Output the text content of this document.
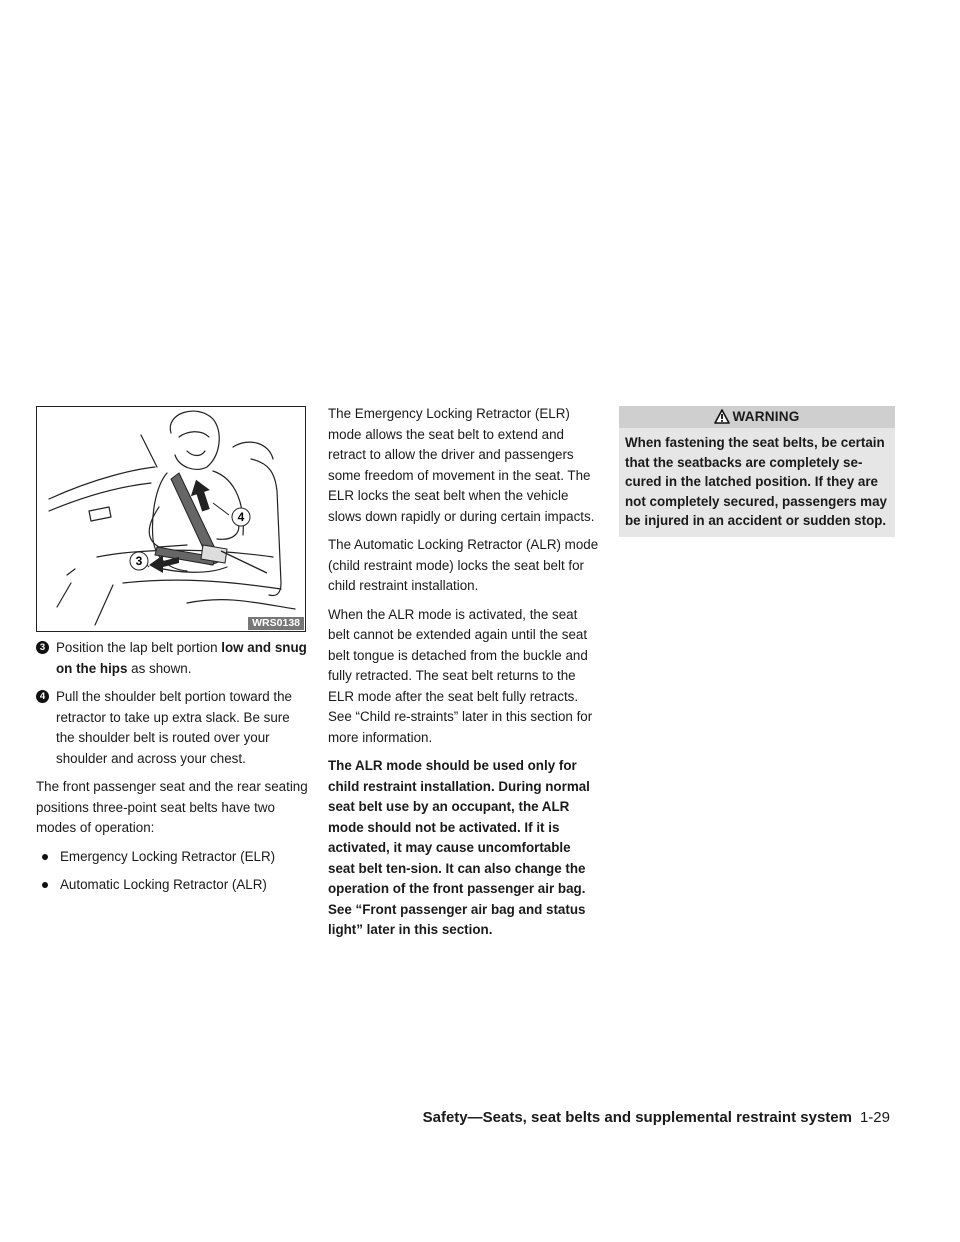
4
3
WRS0138
3 Position the lap belt portion low and snug on the hips as shown.
4 Pull the shoulder belt portion toward the retractor to take up extra slack. Be sure the shoulder belt is routed over your shoulder and across your chest.

The front passenger seat and the rear seating positions three-point seat belts have two modes of operation:

Emergency Locking Retractor (ELR)
Automatic Locking Retractor (ALR)

The Emergency Locking Retractor (ELR) mode allows the seat belt to extend and retract to allow the driver and passengers some freedom of movement in the seat. The ELR locks the seat belt when the vehicle slows down rapidly or during certain impacts.

The Automatic Locking Retractor (ALR) mode (child restraint mode) locks the seat belt for child restraint installation.

When the ALR mode is activated, the seat belt cannot be extended again until the seat belt tongue is detached from the buckle and fully retracted. The seat belt returns to the ELR mode after the seat belt fully retracts. See “Child re-straints” later in this section for more information.

The ALR mode should be used only for child restraint installation. During normal seat belt use by an occupant, the ALR mode should not be activated. If it is activated, it may cause uncomfortable seat belt ten-sion. It can also change the operation of the front passenger air bag. See “Front passenger air bag and status light” later in this section.

WARNING
When fastening the seat belts, be certain that the seatbacks are completely se-cured in the latched position. If they are not completely secured, passengers may be injured in an accident or sudden stop.
Safety—Seats, seat belts and supplemental restraint system 1-29
